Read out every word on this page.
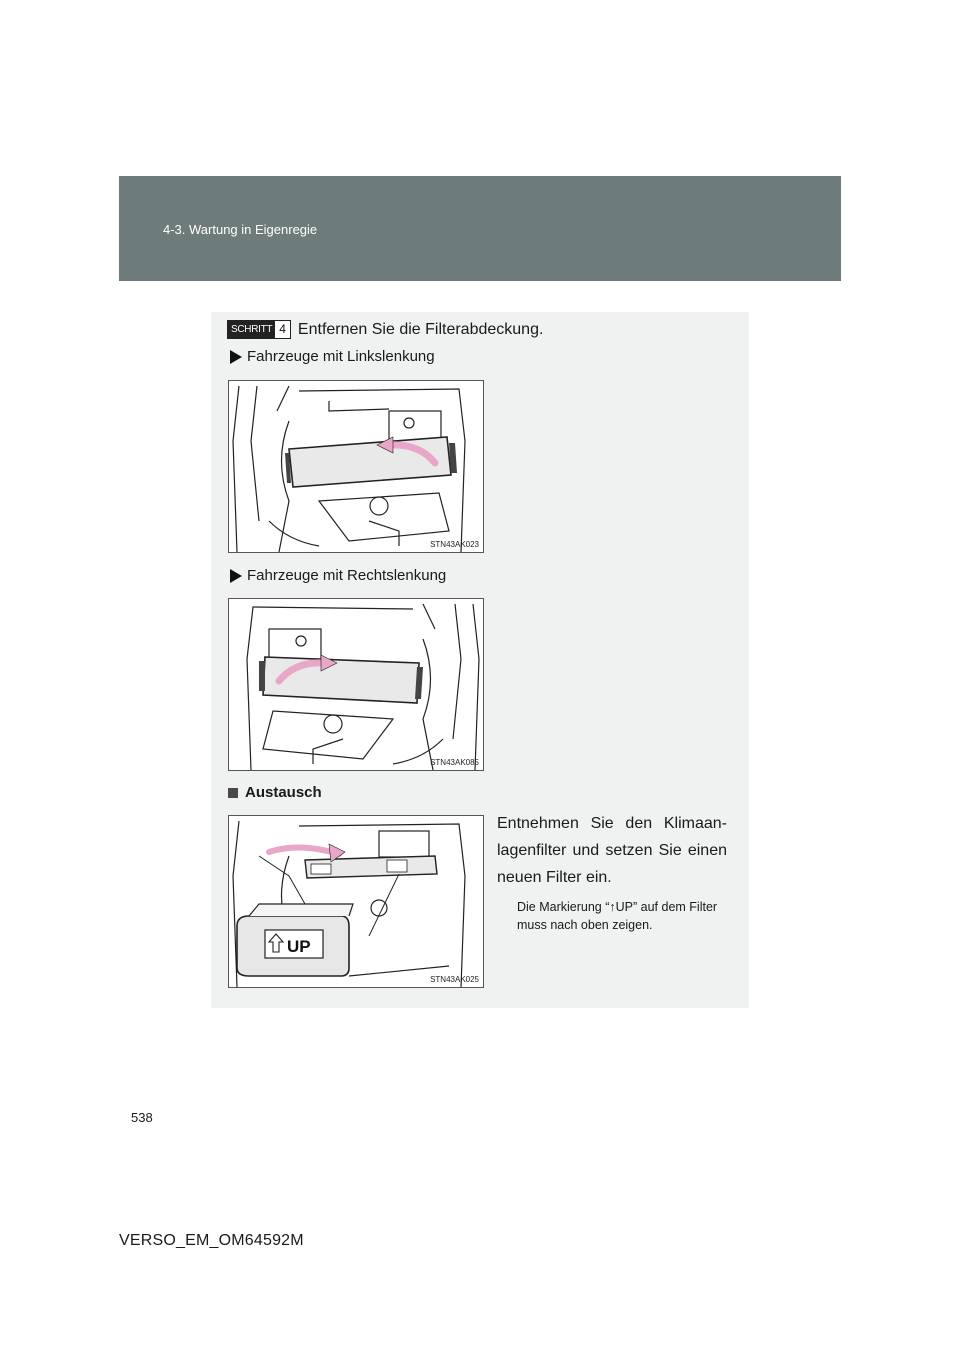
4-3. Wartung in Eigenregie
SCHRITT 4 Entfernen Sie die Filterabdeckung.
Fahrzeuge mit Linkslenkung
STN43AK023
Fahrzeuge mit Rechtslenkung
STN43AK085
Austausch
UP
STN43AK025
Entnehmen Sie den Klimaan-lagenfilter und setzen Sie einen neuen Filter ein.
Die Markierung “↑UP” auf dem Filter muss nach oben zeigen.
538
VERSO_EM_OM64592M
